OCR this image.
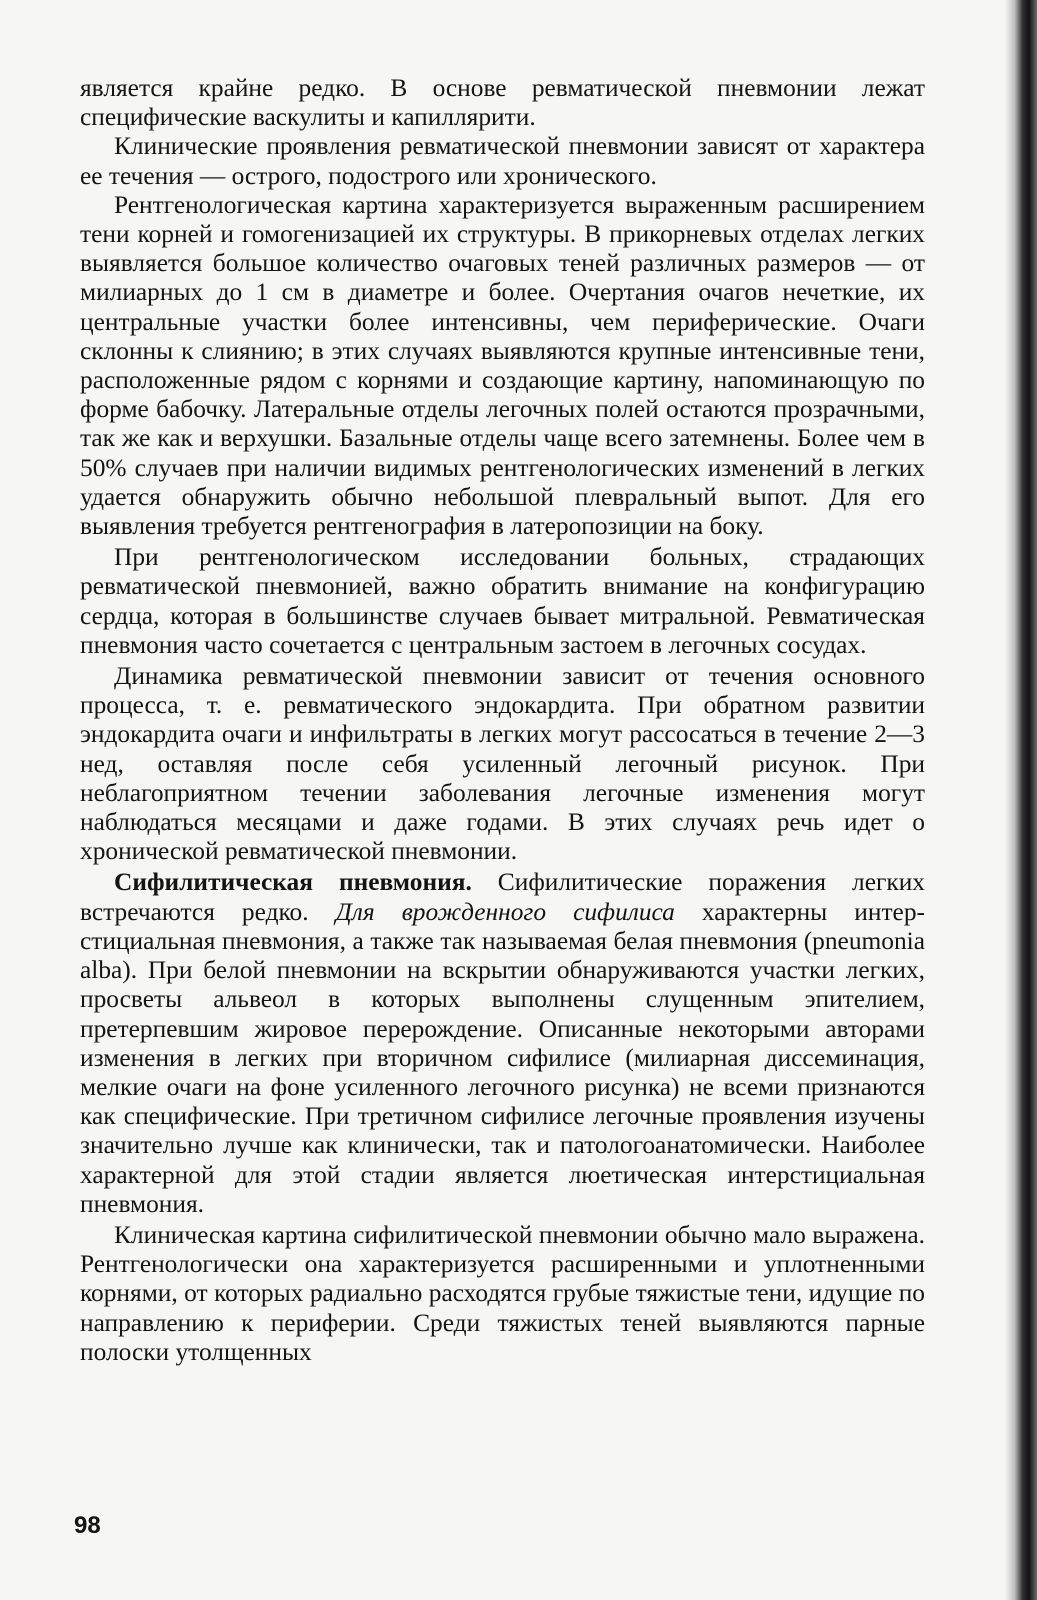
является крайне редко. В основе ревматической пневмонии лежат специфические васкулиты и капиллярити.

Клинические проявления ревматической пневмонии зависят от характера ее течения — острого, подострого или хронического.

Рентгенологическая картина характеризуется выраженным расширением тени корней и гомогенизацией их структуры. В прикорневых отделах легких выявляется большое количество очаговых теней различных размеров — от милиарных до 1 см в диаметре и более. Очертания очагов нечеткие, их центральные участки более интенсивны, чем периферические. Очаги склонны к слиянию; в этих случаях выявляются крупные интенсивные тени, расположенные рядом с корнями и создающие картину, напоминающую по форме бабочку. Латеральные отделы легочных полей остаются прозрачными, так же как и верхушки. Базальные отделы чаще всего затемнены. Более чем в 50% случаев при наличии видимых рентгенологических изменений в легких удается обнаружить обычно небольшой плевральный выпот. Для его выявления требуется рентгенография в латеропозиции на боку.

При рентгенологическом исследовании больных, страдающих ревматической пневмонией, важно обратить внимание на конфигурацию сердца, которая в большинстве случаев бывает митральной. Ревматическая пневмония часто сочетается с центральным застоем в легочных сосудах.

Динамика ревматической пневмонии зависит от течения основного процесса, т. е. ревматического эндокардита. При обратном развитии эндокардита очаги и инфильтраты в легких могут рассосаться в течение 2—3 нед, оставляя после себя усиленный легочный рисунок. При неблагоприятном течении заболевания легочные изменения могут наблюдаться месяцами и даже годами. В этих случаях речь идет о хронической ревматической пневмонии.

Сифилитическая пневмония. Сифилитические поражения легких встречаются редко. Для врожденного сифилиса характерны интерстициальная пневмония, а также так называемая белая пневмония (pneumonia alba). При белой пневмонии на вскрытии обнаруживаются участки легких, просветы альвеол в которых выполнены слущенным эпителием, претерпевшим жировое перерождение. Описанные некоторыми авторами изменения в легких при вторичном сифилисе (милиарная диссеминация, мелкие очаги на фоне усиленного легочного рисунка) не всеми признаются как специфические. При третичном сифилисе легочные проявления изучены значительно лучше как клинически, так и патологоанатомически. Наиболее характерной для этой стадии является люетическая интерстициальная пневмония.

Клиническая картина сифилитической пневмонии обычно мало выражена. Рентгенологически она характеризуется расширенными и уплотненными корнями, от которых радиально расходятся грубые тяжистые тени, идущие по направлению к периферии. Среди тяжистых теней выявляются парные полоски утолщенных

98
